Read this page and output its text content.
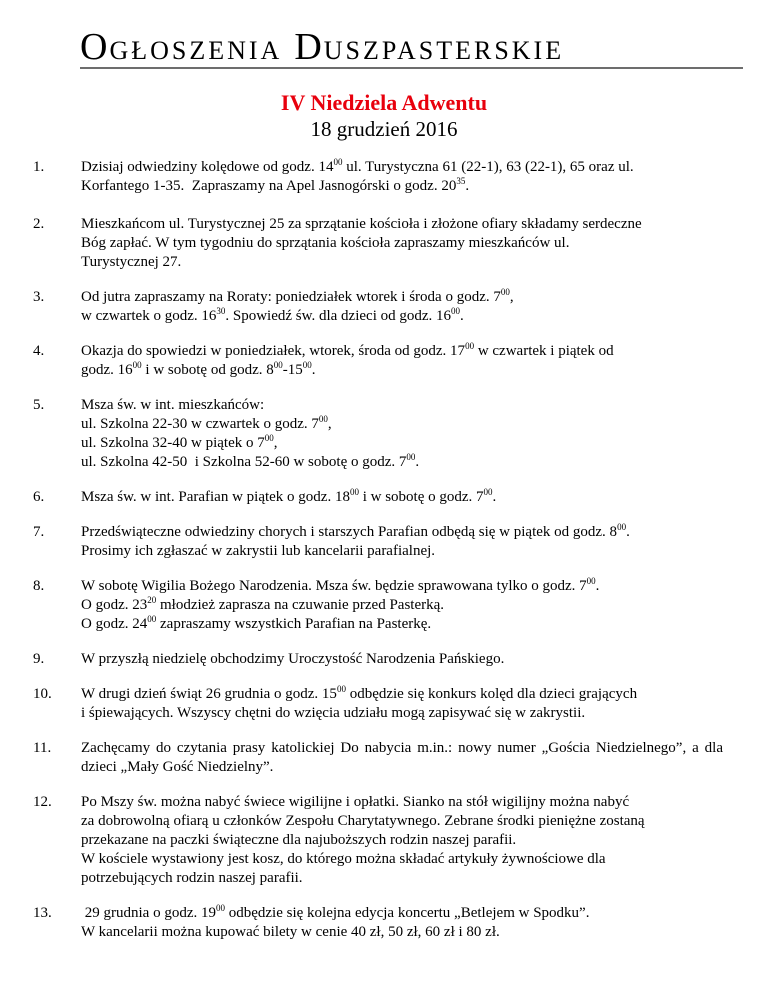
OGŁOSZENIA DUSZPASTERSKIE
IV Niedziela Adwentu
18 grudzień 2016
1.	Dzisiaj odwiedziny kolędowe od godz. $14^{00}$ ul. Turystyczna 61 (22-1), 63 (22-1), 65 oraz ul.
Korfantego 1-35.  Zapraszamy na Apel Jasnogórski o godz. $20^{35}$.
2.	Mieszkańcom ul. Turystycznej 25 za sprzątanie kościoła i złożone ofiary składamy serdeczne
Bóg zapłać. W tym tygodniu do sprzątania kościoła zapraszamy mieszkańców ul.
Turystycznej 27.
3.	Od jutra zapraszamy na Roraty: poniedziałek wtorek i środa o godz. $7^{00}$,
w czwartek o godz. $16^{30}$. Spowiedź św. dla dzieci od godz. $16^{00}$.
4.	Okazja do spowiedzi w poniedziałek, wtorek, środa od godz. $17^{00}$ w czwartek i piątek od
godz. $16^{00}$ i w sobotę od godz. $8^{00}-15^{00}$.
5.	Msza św. w int. mieszkańców:
ul. Szkolna 22-30 w czwartek o godz. $7^{00}$,
ul. Szkolna 32-40 w piątek o $7^{00}$,
ul. Szkolna 42-50  i Szkolna 52-60 w sobotę o godz. $7^{00}$.
6.	Msza św. w int. Parafian w piątek o godz. $18^{00}$ i w sobotę o godz. $7^{00}$.
7.	Przedświąteczne odwiedziny chorych i starszych Parafian odbędą się w piątek od godz. $8^{00}$.
Prosimy ich zgłaszać w zakrystii lub kancelarii parafialnej.
8.	W sobotę Wigilia Bożego Narodzenia. Msza św. będzie sprawowana tylko o godz. $7^{00}$.
O godz. $23^{20}$ młodzież zaprasza na czuwanie przed Pasterką.
O godz. $24^{00}$ zapraszamy wszystkich Parafian na Pasterkę.
9.	W przyszłą niedzielę obchodzimy Uroczystość Narodzenia Pańskiego.
10.	W drugi dzień świąt 26 grudnia o godz. $15^{00}$ odbędzie się konkurs kolęd dla dzieci grających
i śpiewających. Wszyscy chętni do wzięcia udziału mogą zapisywać się w zakrystii.
11.	Zachęcamy do czytania prasy katolickiej Do nabycia m.in.: nowy numer „Gościa Niedzielnego”, a dla dzieci „Mały Gość Niedzielny”.
12.	Po Mszy św. można nabyć świece wigilijne i opłatki. Sianko na stół wigilijny można nabyć
za dobrowolną ofiarą u członków Zespołu Charytatywnego. Zebrane środki pieniężne zostaną
przekazane na paczki świąteczne dla najuboższych rodzin naszej parafii.
W kościele wystawiony jest kosz, do którego można składać artykuły żywnościowe dla
potrzebujących rodzin naszej parafii.
13.	29 grudnia o godz. $19^{00}$ odbędzie się kolejna edycja koncertu „Betlejem w Spodku”.
W kancelarii można kupować bilety w cenie 40 zł, 50 zł, 60 zł i 80 zł.
